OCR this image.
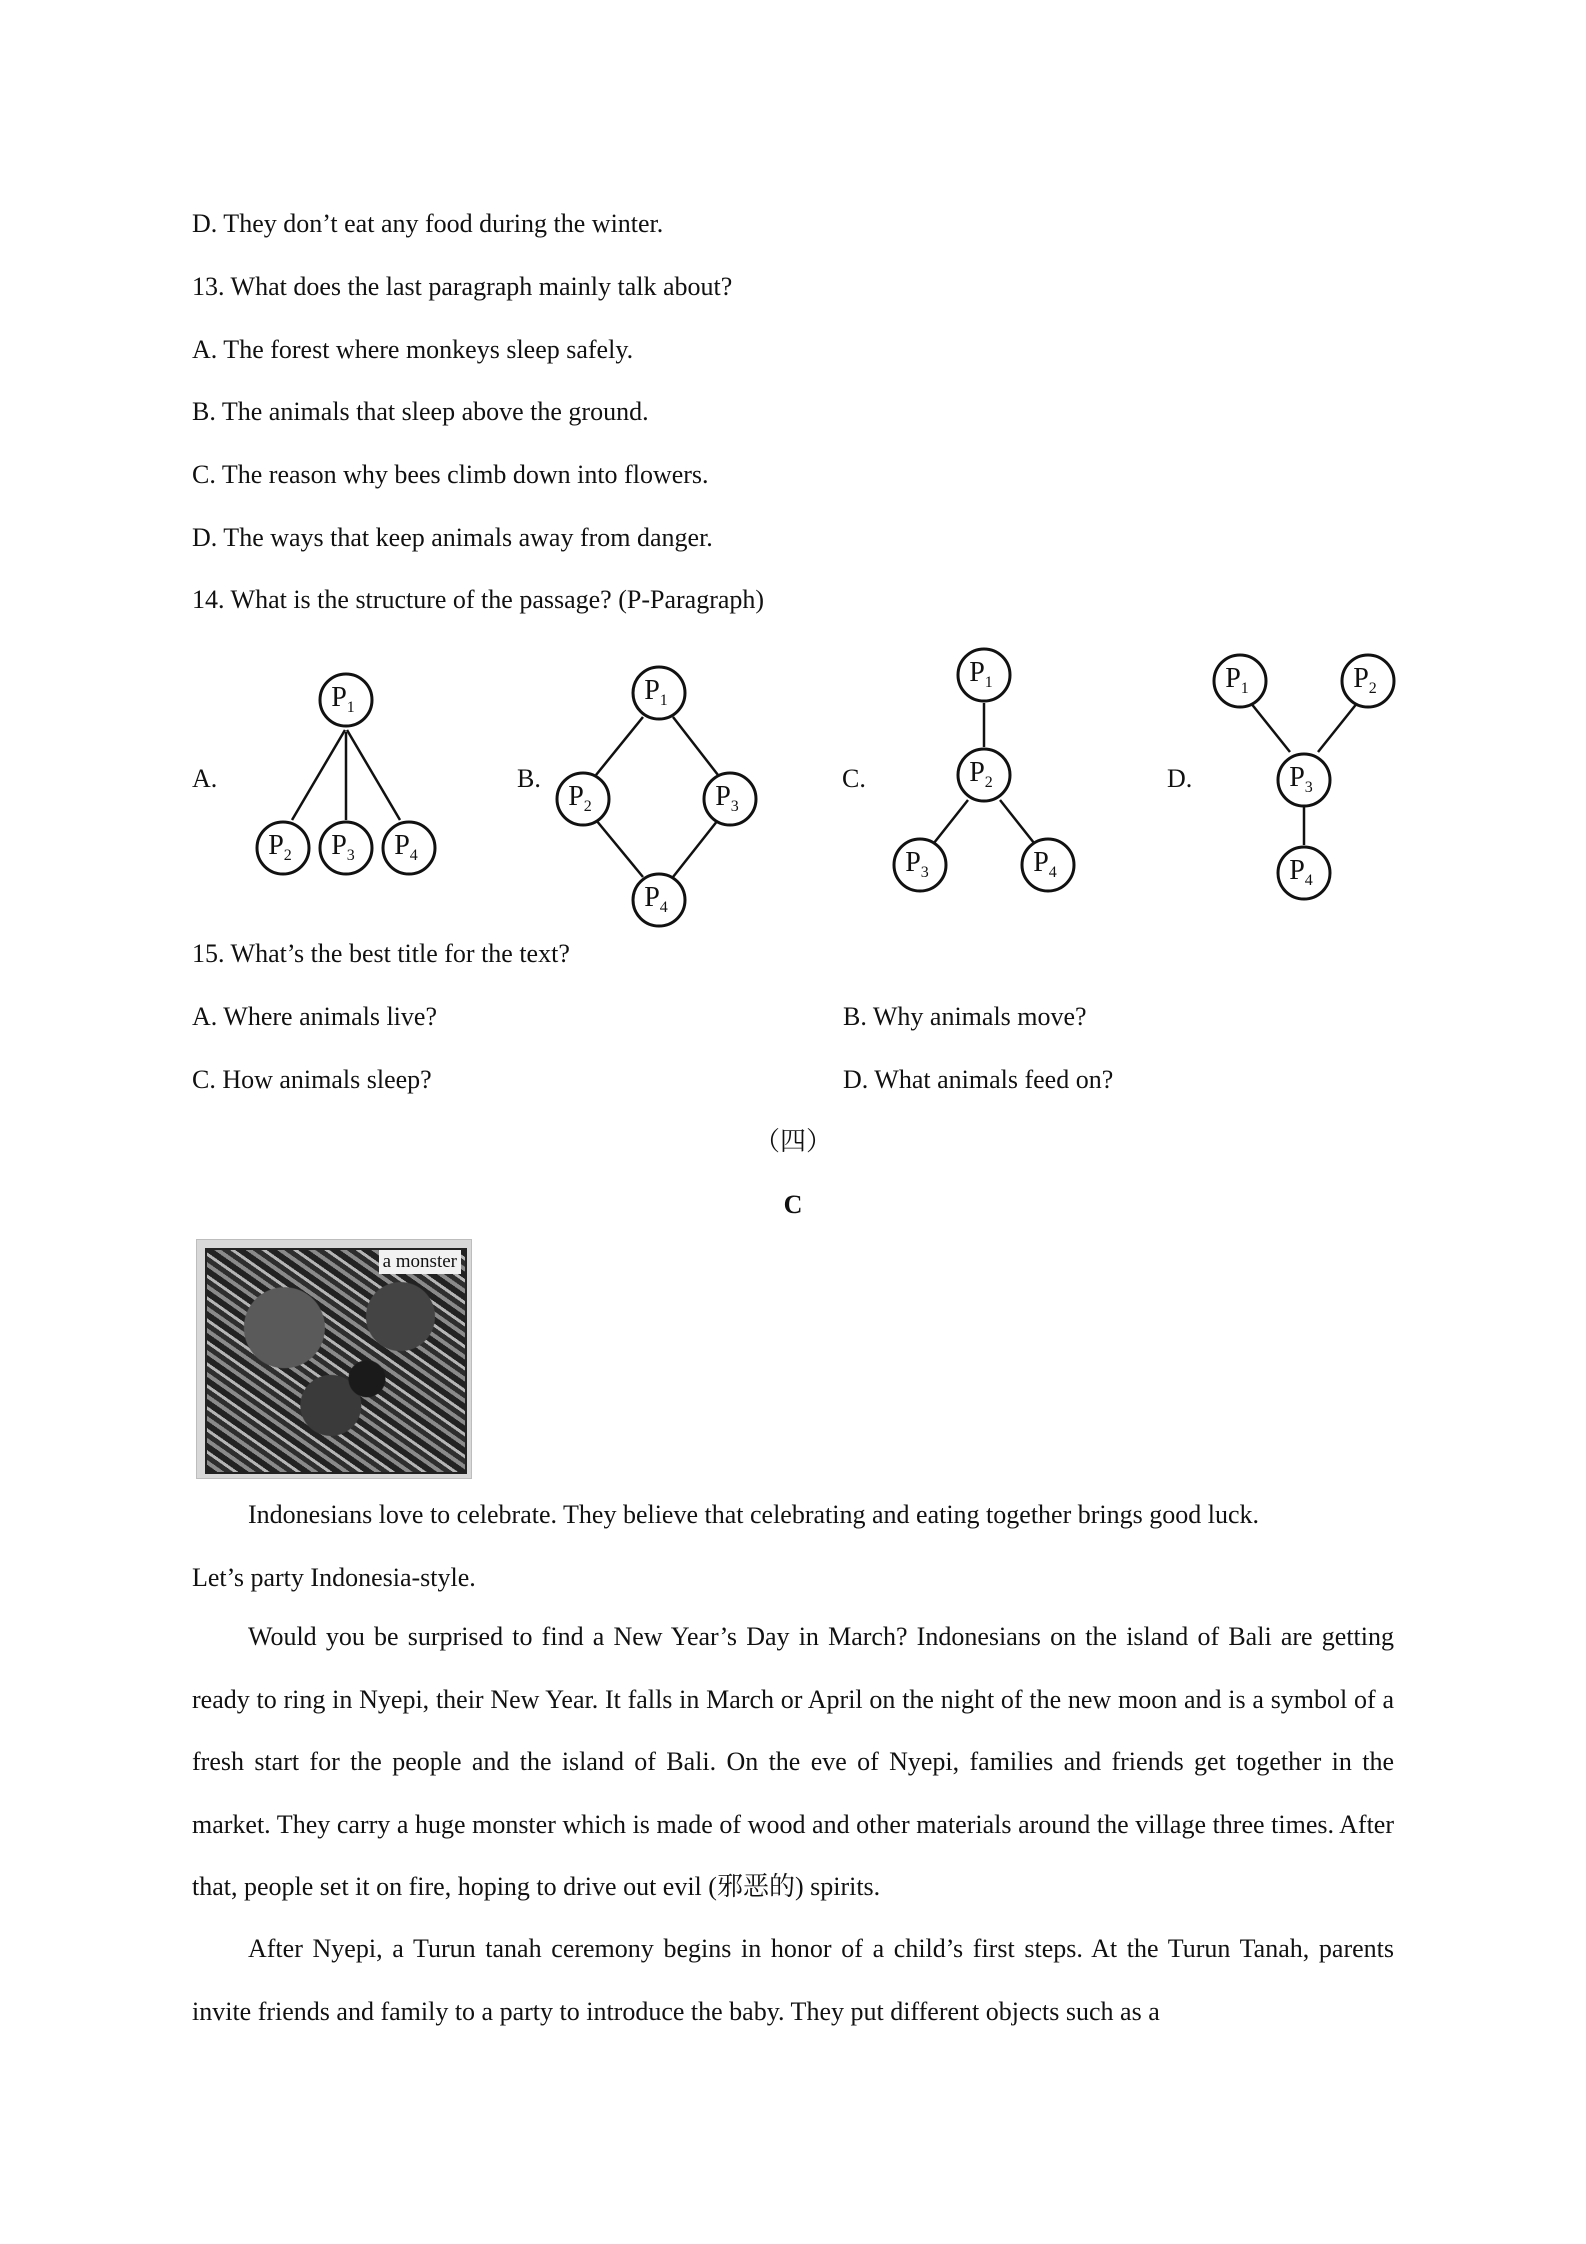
D. They don’t eat any food during the winter.
13. What does the last paragraph mainly talk about?
A. The forest where monkeys sleep safely.
B. The animals that sleep above the ground.
C. The reason why bees climb down into flowers.
D. The ways that keep animals away from danger.
14. What is the structure of the passage? (P-Paragraph)
A.	B.	C.	D.
$P_1$
$P_2$ $P_3$ $P_4$
$P_1$
$P_2$	$P_3$
$P_4$
$P_1$
$P_2$
$P_3$	$P_4$
$P_1$	$P_2$
$P_3$
$P_4$
15. What’s the best title for the text?
A. Where animals live?	B. Why animals move?
C. How animals sleep?	D. What animals feed on?
（四）
C
a monster
Indonesians love to celebrate. They believe that celebrating and eating together brings good luck.
Let’s party Indonesia-style.

Would you be surprised to find a New Year’s Day in March? Indonesians on the island of Bali are getting ready to ring in Nyepi, their New Year. It falls in March or April on the night of the new moon and is a symbol of a fresh start for the people and the island of Bali. On the eve of Nyepi, families and friends get together in the market. They carry a huge monster which is made of wood and other materials around the village three times. After that, people set it on fire, hoping to drive out evil (邪恶的) spirits.

After Nyepi, a Turun tanah ceremony begins in honor of a child’s first steps. At the Turun Tanah, parents invite friends and family to a party to introduce the baby. They put different objects such as a
